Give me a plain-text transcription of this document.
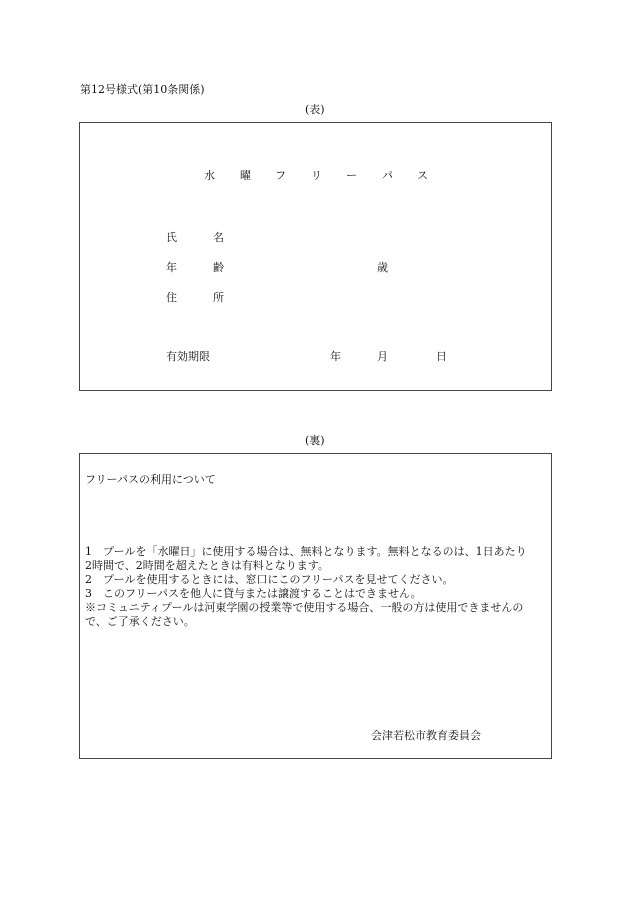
第12号様式(第10条関係)
(表)
水 曜 フ リ ー パ ス
氏	名
年	齢	歳
住	所
有効期限	年	月	日
(裏)
フリーパスの利用について
1　プールを「水曜日」に使用する場合は、無料となります。無料となるのは、1日あたり
2時間で、2時間を超えたときは有料となります。
2　プールを使用するときには、窓口にこのフリーパスを見せてください。
3　このフリーパスを他人に貸与または譲渡することはできません。
※コミュニティプールは河東学園の授業等で使用する場合、一般の方は使用できませんの
で、ご了承ください。
会津若松市教育委員会
